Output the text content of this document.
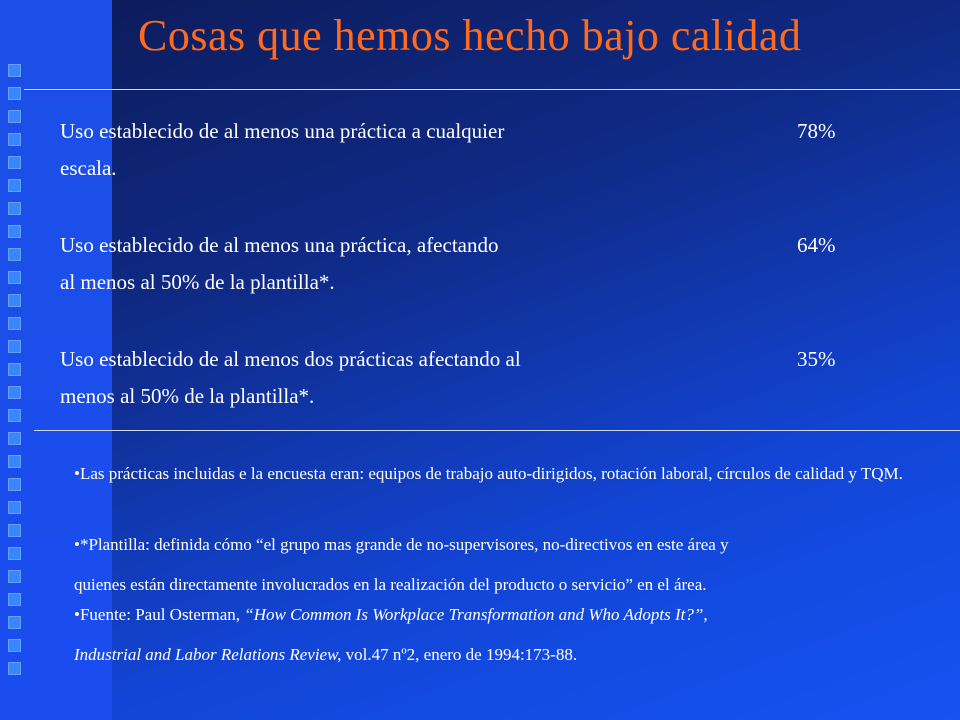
Cosas que hemos hecho bajo calidad
Uso establecido de al menos una práctica a cualquier
escala.
78%
Uso establecido de al menos una práctica, afectando
al menos al 50% de la plantilla*.
64%
Uso establecido de al menos dos prácticas afectando al
menos al 50% de la plantilla*.
35%
•Las prácticas incluidas e la encuesta eran: equipos de trabajo auto-dirigidos, rotación laboral, círculos de calidad y TQM.
•*Plantilla: definida cómo “el grupo mas grande de no-supervisores, no-directivos en este área y
quienes están directamente involucrados en la realización del producto o servicio” en el área.
•Fuente: Paul Osterman, “How Common Is Workplace Transformation and Who Adopts It?”,
Industrial and Labor Relations Review, vol.47 nº2, enero de 1994:173-88.
